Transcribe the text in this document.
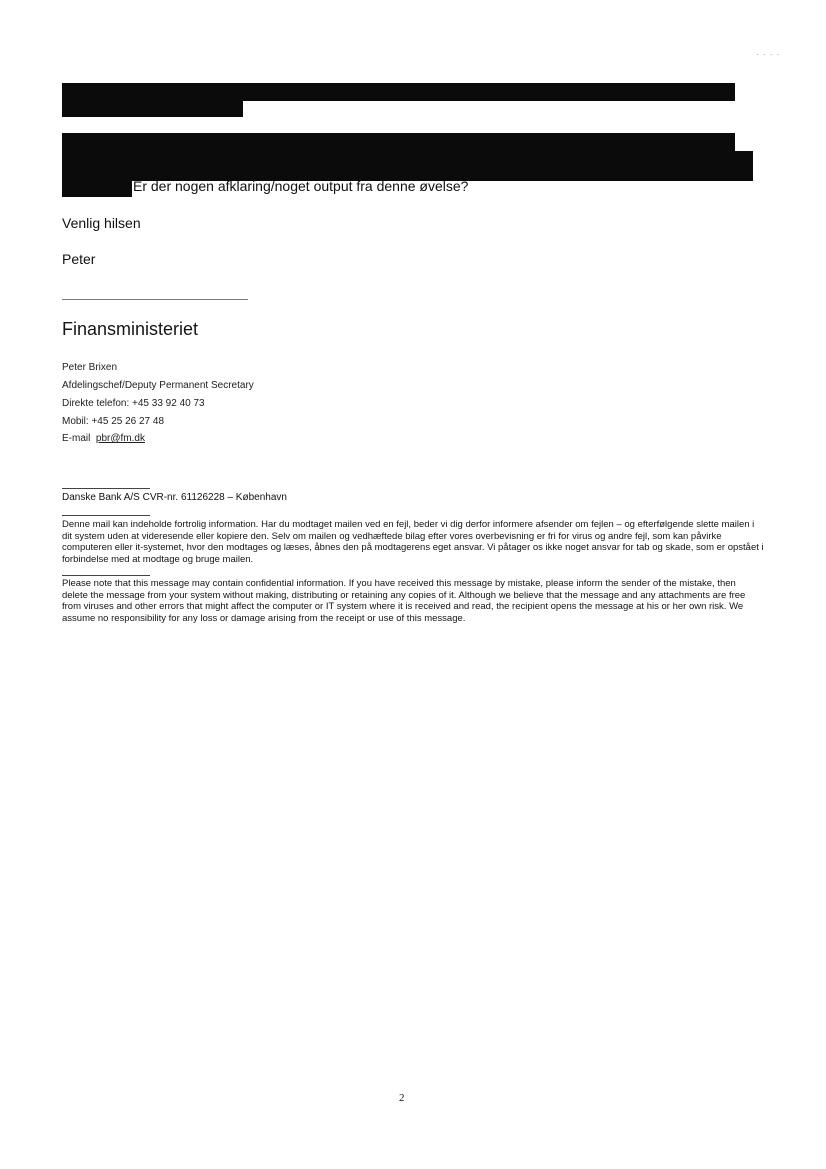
· · · ·
Er der nogen afklaring/noget output fra denne øvelse?
Venlig hilsen
Peter
Finansministeriet
Peter Brixen
Afdelingschef/Deputy Permanent Secretary
Direkte telefon: +45 33 92 40 73
Mobil: +45 25 26 27 48
E-mail pbr@fm.dk
Danske Bank A/S CVR-nr. 61126228 – København
Denne mail kan indeholde fortrolig information. Har du modtaget mailen ved en fejl, beder vi dig derfor informere afsender om fejlen – og efterfølgende slette mailen i dit system uden at videresende eller kopiere den. Selv om mailen og vedhæftede bilag efter vores overbevisning er fri for virus og andre fejl, som kan påvirke computeren eller it-systemet, hvor den modtages og læses, åbnes den på modtagerens eget ansvar. Vi påtager os ikke noget ansvar for tab og skade, som er opstået i forbindelse med at modtage og bruge mailen.
Please note that this message may contain confidential information. If you have received this message by mistake, please inform the sender of the mistake, then delete the message from your system without making, distributing or retaining any copies of it. Although we believe that the message and any attachments are free from viruses and other errors that might affect the computer or IT system where it is received and read, the recipient opens the message at his or her own risk. We assume no responsibility for any loss or damage arising from the receipt or use of this message.
2
